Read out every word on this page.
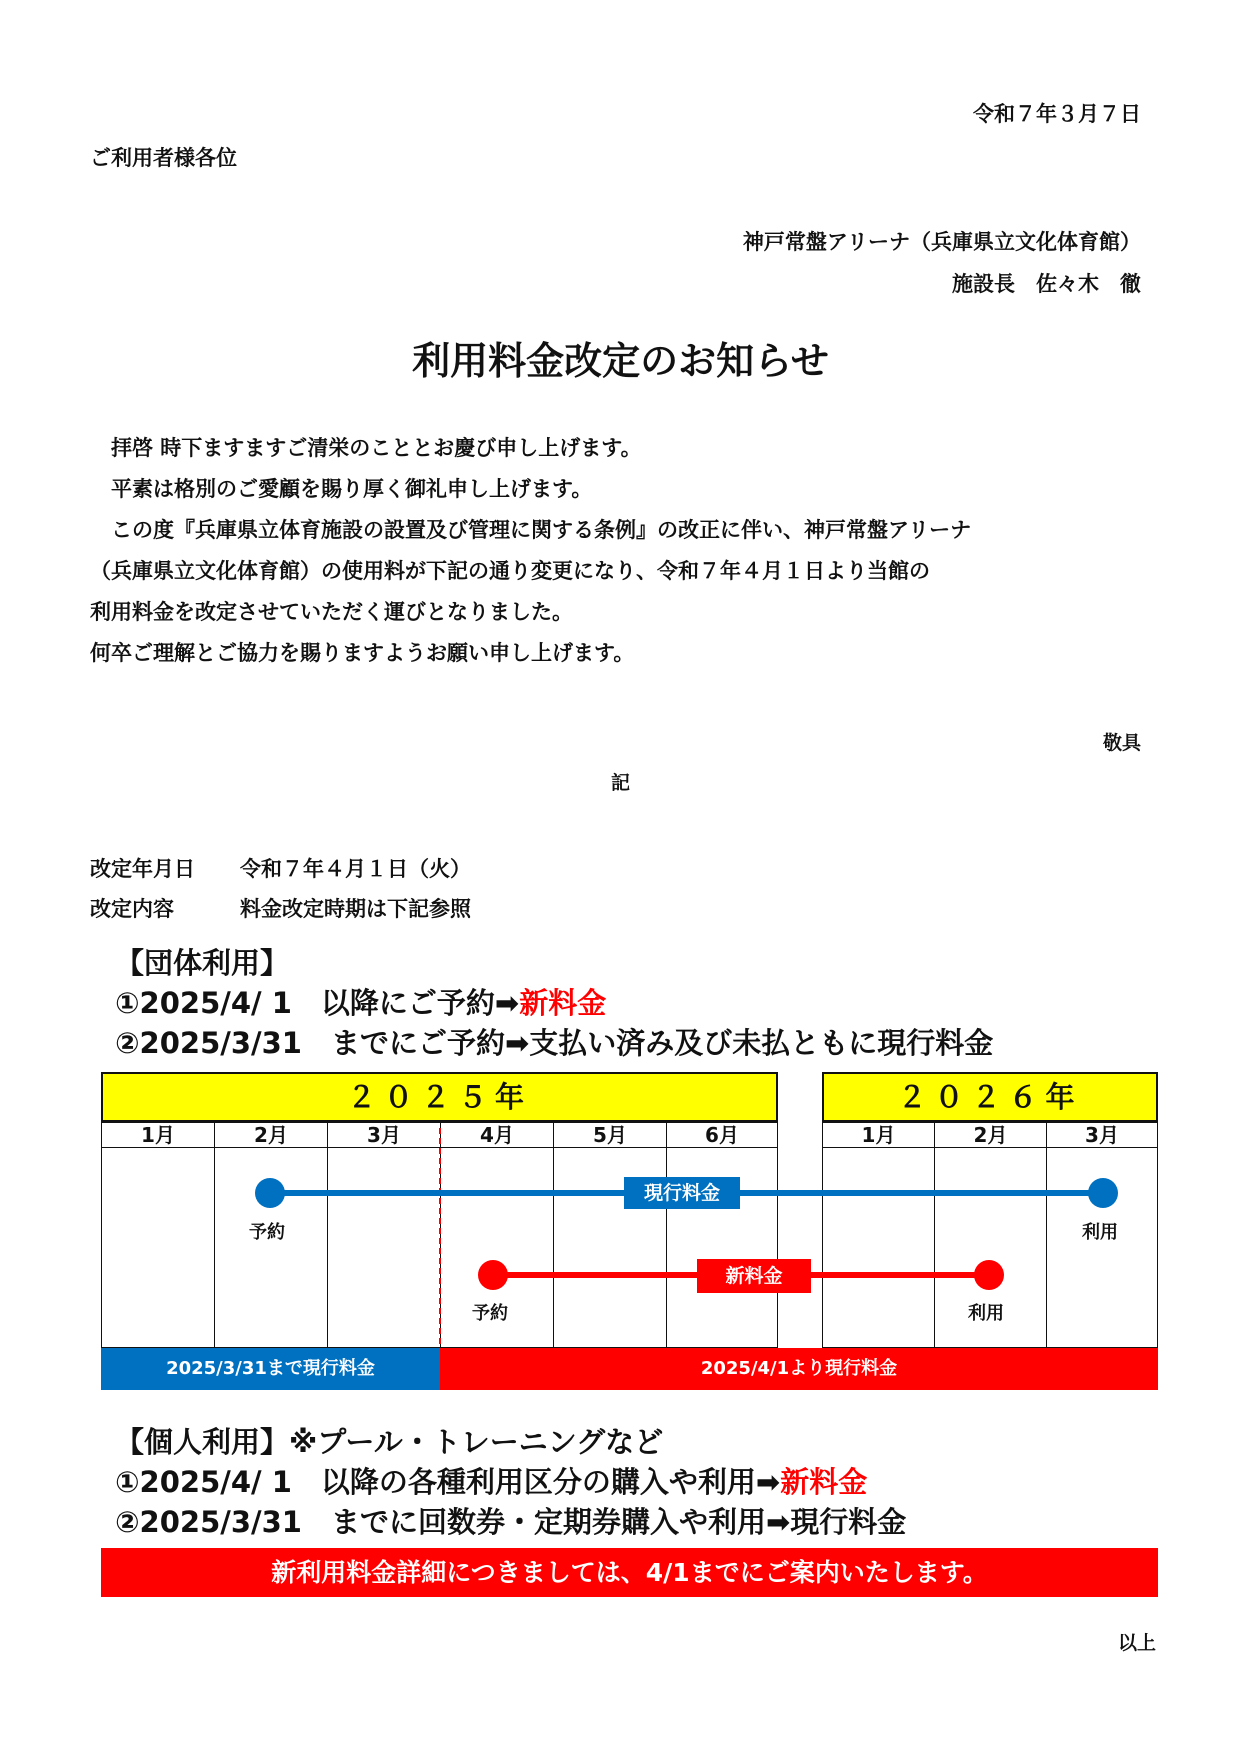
令和７年３月７日
ご利用者様各位
神戸常盤アリーナ（兵庫県立文化体育館）
施設長　佐々木　徹
利用料金改定のお知らせ
　拝啓 時下ますますご清栄のこととお慶び申し上げます。
　平素は格別のご愛顧を賜り厚く御礼申し上げます。
　この度『兵庫県立体育施設の設置及び管理に関する条例』の改正に伴い、神戸常盤アリーナ
（兵庫県立文化体育館）の使用料が下記の通り変更になり、令和７年４月１日より当館の
利用料金を改定させていただく運びとなりました。
何卒ご理解とご協力を賜りますようお願い申し上げます。
敬具
記
改定年月日 令和７年４月１日（火）
改定内容	料金改定時期は下記参照
【団体利用】
①2025/4/ 1　以降にご予約➡新料金
②2025/3/31　までにご予約➡支払い済み及び未払ともに現行料金
２０２５年	２０２６年
1月	2月	3月	4月	5月	6月	1月	2月	3月
現行料金
新料金
予約	利用
予約	利用
2025/3/31まで現行料金	2025/4/1より現行料金
【個人利用】※プール・トレーニングなど
①2025/4/ 1　以降の各種利用区分の購入や利用➡新料金
②2025/3/31　までに回数券・定期券購入や利用➡現行料金
新利用料金詳細につきましては、4/1までにご案内いたします。
以上
